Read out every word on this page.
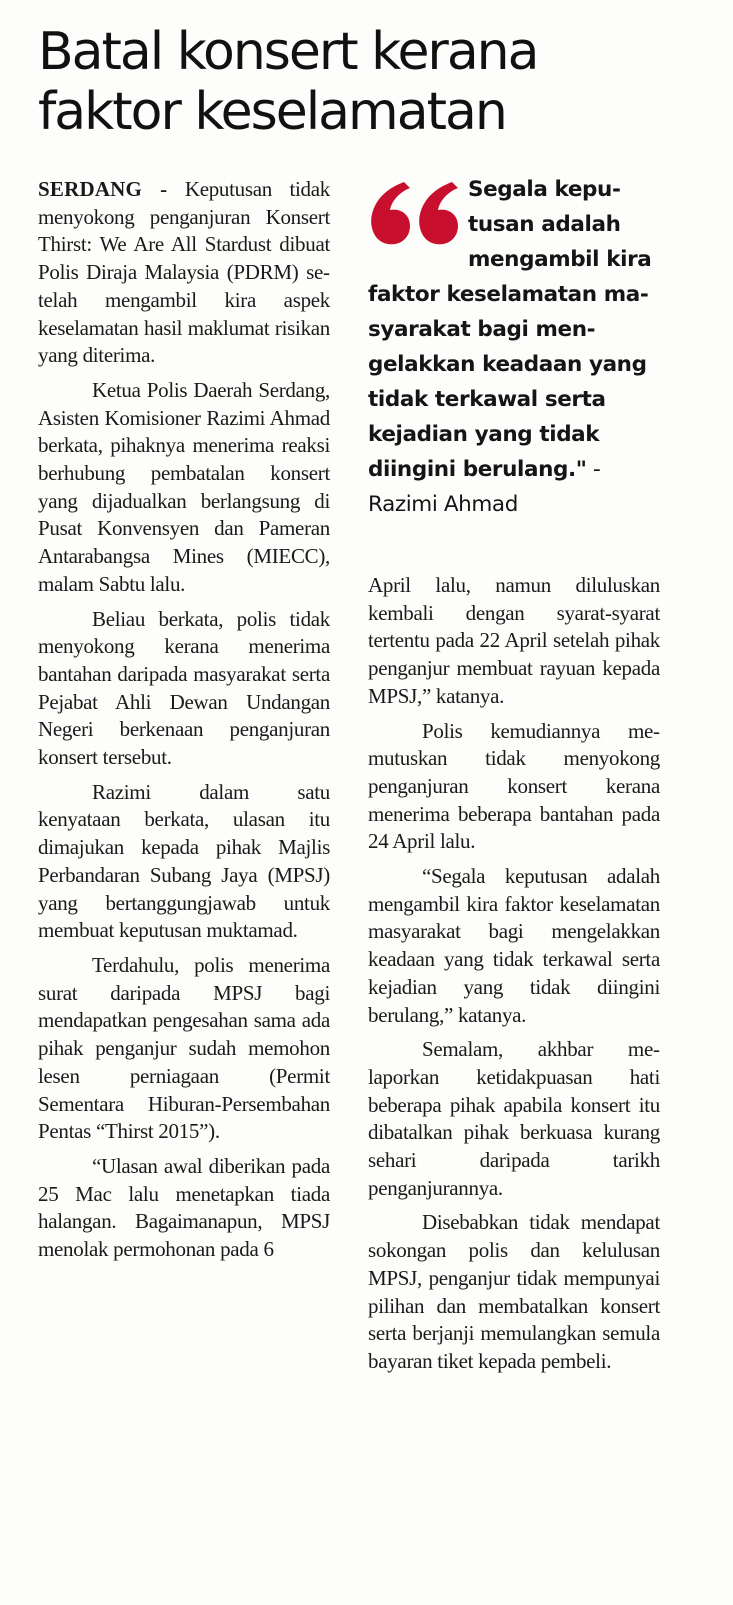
Batal konsert kerana
faktor keselamatan

SERDANG - Keputusan tidak menyokong penganjuran Konsert Thirst: We Are All Stardust dibuat Polis Diraja Malaysia (PDRM) setelah mengambil kira aspek keselamatan hasil maklumat risikan yang diterima.

Ketua Polis Daerah Serdang, Asisten Komisioner Razimi Ahmad berkata, pihaknya menerima reaksi berhubung pembatalan konsert yang dijadualkan berlangsung di Pusat Konvensyen dan Pameran Antarabangsa Mines (MIECC), malam Sabtu lalu.

Beliau berkata, polis tidak menyokong kerana menerima bantahan daripada masyarakat serta Pejabat Ahli Dewan Undangan Negeri berkenaan penganjuran konsert tersebut.

Razimi dalam satu kenyataan berkata, ulasan itu dimajukan kepada pihak Majlis Perbandaran Subang Jaya (MPSJ) yang bertanggungjawab untuk membuat keputusan muktamad.

Terdahulu, polis menerima surat daripada MPSJ bagi mendapatkan pengesahan sama ada pihak penganjur sudah memohon lesen perniagaan (Permit Sementara Hiburan-Persembahan Pentas “Thirst 2015”).

“Ulasan awal diberikan pada 25 Mac lalu menetapkan tiada halangan. Bagaimanapun, MPSJ menolak permohonan pada 6

Segala keputusan adalah mengambil kira faktor keselamatan masyarakat bagi mengelakkan keadaan yang tidak terkawal serta kejadian yang tidak diingini berulang." - Razimi Ahmad

April lalu, namun diluluskan kembali dengan syarat-syarat tertentu pada 22 April setelah pihak penganjur membuat rayuan kepada MPSJ,” katanya.

Polis kemudiannya memutuskan tidak menyokong penganjuran konsert kerana menerima beberapa bantahan pada 24 April lalu.

“Segala keputusan adalah mengambil kira faktor keselamatan masyarakat bagi mengelakkan keadaan yang tidak terkawal serta kejadian yang tidak diingini berulang,” katanya.

Semalam, akhbar melaporkan ketidakpuasan hati beberapa pihak apabila konsert itu dibatalkan pihak berkuasa kurang sehari daripada tarikh penganjurannya.

Disebabkan tidak mendapat sokongan polis dan kelulusan MPSJ, penganjur tidak mempunyai pilihan dan membatalkan konsert serta berjanji memulangkan semula bayaran tiket kepada pembeli.
